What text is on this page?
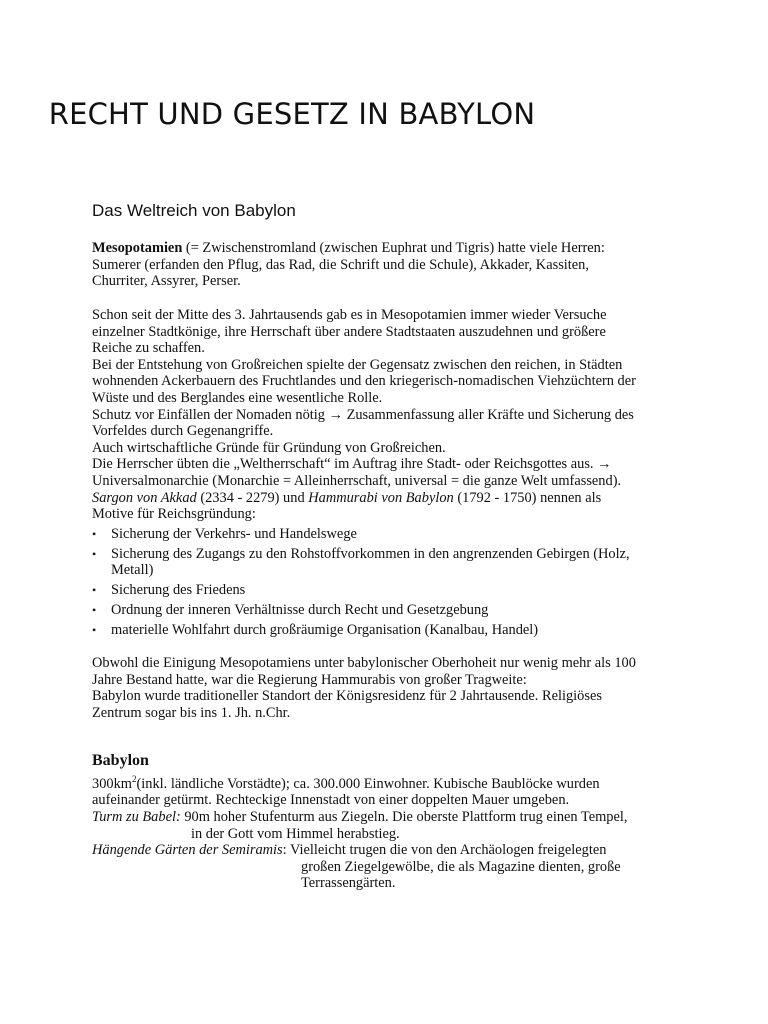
RECHT UND GESETZ IN BABYLON
Das Weltreich von Babylon

Mesopotamien (= Zwischenstromland (zwischen Euphrat und Tigris) hatte viele Herren:

Sumerer (erfanden den Pflug, das Rad, die Schrift und die Schule), Akkader, Kassiten,

Churriter, Assyrer, Perser.

Schon seit der Mitte des 3. Jahrtausends gab es in Mesopotamien immer wieder Versuche

einzelner Stadtkönige, ihre Herrschaft über andere Stadtstaaten auszudehnen und größere

Reiche zu schaffen.

Bei der Entstehung von Großreichen spielte der Gegensatz zwischen den reichen, in Städten

wohnenden Ackerbauern des Fruchtlandes und den kriegerisch-nomadischen Viehzüchtern der

Wüste und des Berglandes eine wesentliche Rolle.

Schutz vor Einfällen der Nomaden nötig → Zusammenfassung aller Kräfte und Sicherung des

Vorfeldes durch Gegenangriffe.

Auch wirtschaftliche Gründe für Gründung von Großreichen.

Die Herrscher übten die „Weltherrschaft“ im Auftrag ihre Stadt- oder Reichsgottes aus. →

Universalmonarchie (Monarchie = Alleinherrschaft, universal = die ganze Welt umfassend).

Sargon von Akkad (2334 - 2279) und Hammurabi von Babylon (1792 - 1750) nennen als

Motive für Reichsgründung:

•	Sicherung der Verkehrs- und Handelswege
•	Sicherung des Zugangs zu den Rohstoffvorkommen in den angrenzenden Gebirgen (Holz, Metall)
•	Sicherung des Friedens
•	Ordnung der inneren Verhältnisse durch Recht und Gesetzgebung
•	materielle Wohlfahrt durch großräumige Organisation (Kanalbau, Handel)

Obwohl die Einigung Mesopotamiens unter babylonischer Oberhoheit nur wenig mehr als 100

Jahre Bestand hatte, war die Regierung Hammurabis von großer Tragweite:

Babylon wurde traditioneller Standort der Königsresidenz für 2 Jahrtausende. Religiöses

Zentrum sogar bis ins 1. Jh. n.Chr.

Babylon

$300km^2(inkl$. ländliche Vorstädte); ca. 300.000 Einwohner. Kubische Baublöcke wurden

aufeinander getürmt. Rechteckige Innenstadt von einer doppelten Mauer umgeben.

Turm zu Babel: 90m hoher Stufenturm aus Ziegeln. Die oberste Plattform trug einen Tempel,

in der Gott vom Himmel herabstieg.

Hängende Gärten der Semiramis: Vielleicht trugen die von den Archäologen freigelegten

großen Ziegelgewölbe, die als Magazine dienten, große

Terrassengärten.
